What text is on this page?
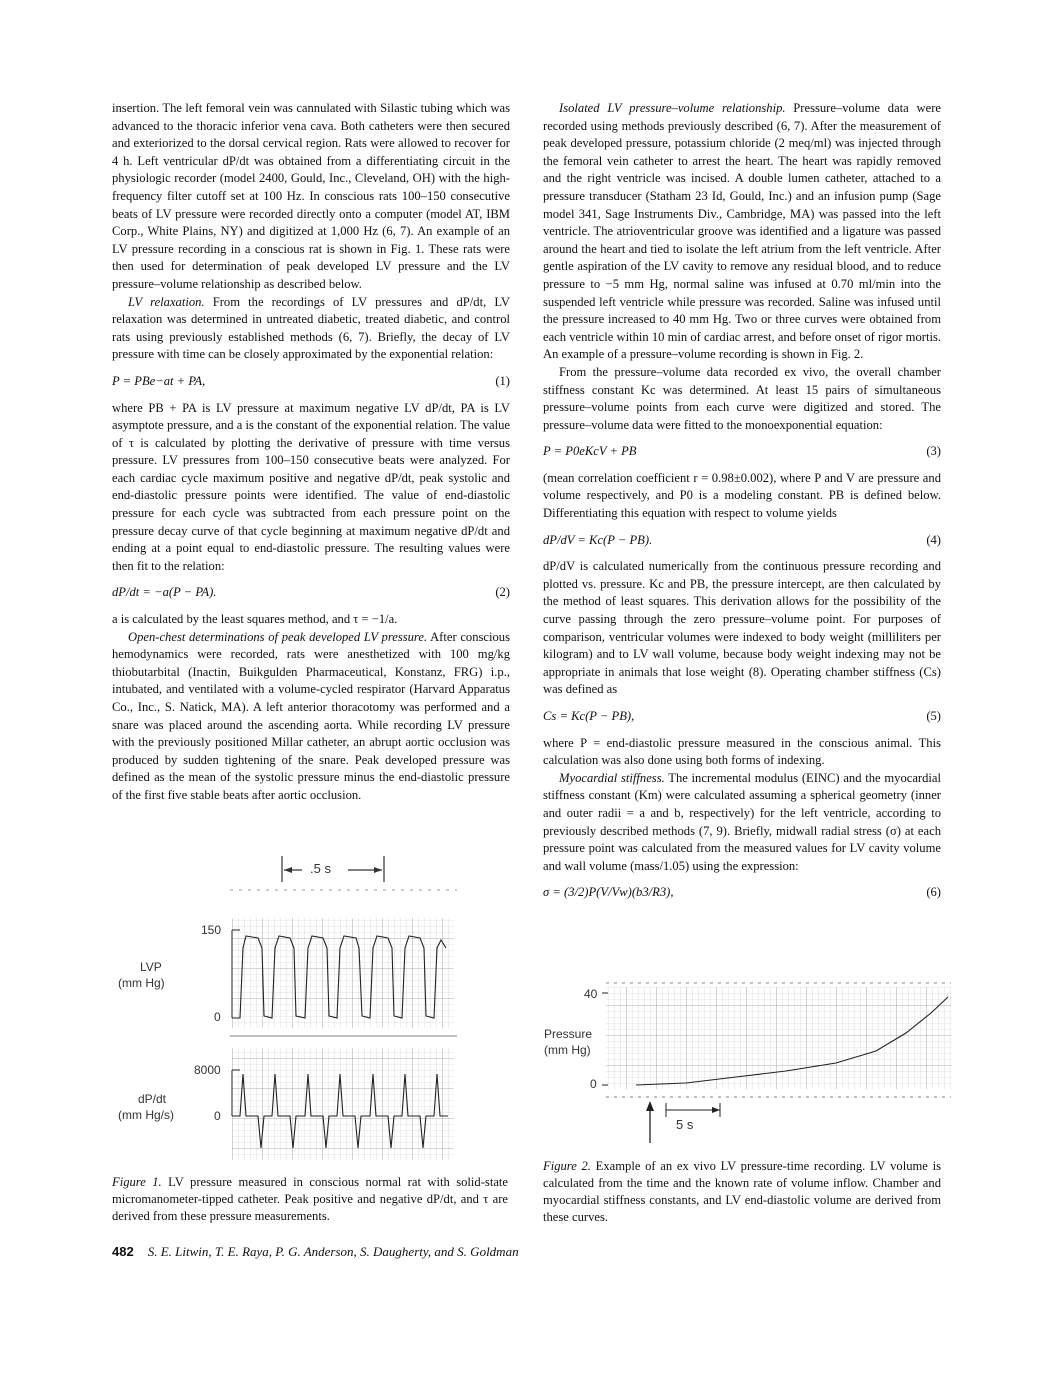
insertion. The left femoral vein was cannulated with Silastic tubing which was advanced to the thoracic inferior vena cava. Both catheters were then secured and exteriorized to the dorsal cervical region. Rats were allowed to recover for 4 h. Left ventricular dP/dt was obtained from a differentiating circuit in the physiologic recorder (model 2400, Gould, Inc., Cleveland, OH) with the high-frequency filter cutoff set at 100 Hz. In conscious rats 100–150 consecutive beats of LV pressure were recorded directly onto a computer (model AT, IBM Corp., White Plains, NY) and digitized at 1,000 Hz (6, 7). An example of an LV pressure recording in a conscious rat is shown in Fig. 1. These rats were then used for determination of peak developed LV pressure and the LV pressure–volume relationship as described below.

LV relaxation. From the recordings of LV pressures and dP/dt, LV relaxation was determined in untreated diabetic, treated diabetic, and control rats using previously established methods (6, 7). Briefly, the decay of LV pressure with time can be closely approximated by the exponential relation:

P = PBe−at + PA,	(1)

where PB + PA is LV pressure at maximum negative LV dP/dt, PA is LV asymptote pressure, and a is the constant of the exponential relation. The value of τ is calculated by plotting the derivative of pressure with time versus pressure. LV pressures from 100–150 consecutive beats were analyzed. For each cardiac cycle maximum positive and negative dP/dt, peak systolic and end-diastolic pressure points were identified. The value of end-diastolic pressure for each cycle was subtracted from each pressure point on the pressure decay curve of that cycle beginning at maximum negative dP/dt and ending at a point equal to end-diastolic pressure. The resulting values were then fit to the relation:

dP/dt = −a(P − PA).	(2)

a is calculated by the least squares method, and τ = −1/a.

Open-chest determinations of peak developed LV pressure. After conscious hemodynamics were recorded, rats were anesthetized with 100 mg/kg thiobutarbital (Inactin, Buikgulden Pharmaceutical, Konstanz, FRG) i.p., intubated, and ventilated with a volume-cycled respirator (Harvard Apparatus Co., Inc., S. Natick, MA). A left anterior thoracotomy was performed and a snare was placed around the ascending aorta. While recording LV pressure with the previously positioned Millar catheter, an abrupt aortic occlusion was produced by sudden tightening of the snare. Peak developed pressure was defined as the mean of the systolic pressure minus the end-diastolic pressure of the first five stable beats after aortic occlusion.

Isolated LV pressure–volume relationship. Pressure–volume data were recorded using methods previously described (6, 7). After the measurement of peak developed pressure, potassium chloride (2 meq/ml) was injected through the femoral vein catheter to arrest the heart. The heart was rapidly removed and the right ventricle was incised. A double lumen catheter, attached to a pressure transducer (Statham 23 Id, Gould, Inc.) and an infusion pump (Sage model 341, Sage Instruments Div., Cambridge, MA) was passed into the left ventricle. The atrioventricular groove was identified and a ligature was passed around the heart and tied to isolate the left atrium from the left ventricle. After gentle aspiration of the LV cavity to remove any residual blood, and to reduce pressure to −5 mm Hg, normal saline was infused at 0.70 ml/min into the suspended left ventricle while pressure was recorded. Saline was infused until the pressure increased to 40 mm Hg. Two or three curves were obtained from each ventricle within 10 min of cardiac arrest, and before onset of rigor mortis. An example of a pressure–volume recording is shown in Fig. 2.

From the pressure–volume data recorded ex vivo, the overall chamber stiffness constant Kc was determined. At least 15 pairs of simultaneous pressure–volume points from each curve were digitized and stored. The pressure–volume data were fitted to the monoexponential equation:

P = P0eKcV + PB	(3)

(mean correlation coefficient r = 0.98±0.002), where P and V are pressure and volume respectively, and P0 is a modeling constant. PB is defined below. Differentiating this equation with respect to volume yields

dP/dV = Kc(P − PB).	(4)

dP/dV is calculated numerically from the continuous pressure recording and plotted vs. pressure. Kc and PB, the pressure intercept, are then calculated by the method of least squares. This derivation allows for the possibility of the curve passing through the zero pressure–volume point. For purposes of comparison, ventricular volumes were indexed to body weight (milliliters per kilogram) and to LV wall volume, because body weight indexing may not be appropriate in animals that lose weight (8). Operating chamber stiffness (Cs) was defined as

Cs = Kc(P − PB),	(5)

where P = end-diastolic pressure measured in the conscious animal. This calculation was also done using both forms of indexing.

Myocardial stiffness. The incremental modulus (EINC) and the myocardial stiffness constant (Km) were calculated assuming a spherical geometry (inner and outer radii = a and b, respectively) for the left ventricle, according to previously described methods (7, 9). Briefly, midwall radial stress (σ) at each pressure point was calculated from the measured values for LV cavity volume and wall volume (mass/1.05) using the expression:

σ = (3/2)P(V/Vw)(b3/R3),	(6)
.5 s
LVP
(mm Hg)
150
0
dP/dt
(mm Hg/s)
8000
0
Figure 1. LV pressure measured in conscious normal rat with solid-state micromanometer-tipped catheter. Peak positive and negative dP/dt, and τ are derived from these pressure measurements.
Pressure
(mm Hg)
40
0
5 s
Figure 2. Example of an ex vivo LV pressure-time recording. LV volume is calculated from the time and the known rate of volume inflow. Chamber and myocardial stiffness constants, and LV end-diastolic volume are derived from these curves.
482 S. E. Litwin, T. E. Raya, P. G. Anderson, S. Daugherty, and S. Goldman
